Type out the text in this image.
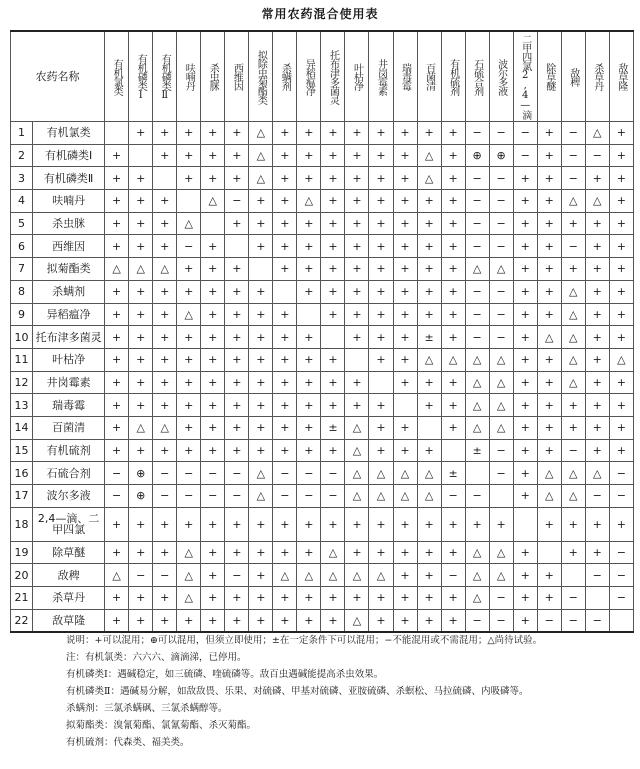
常用农药混合使用表
农药名称		有机氯类	有机磷类Ⅰ	有机磷类Ⅱ	呋喃丹	杀虫脒	西维因	拟除虫菊酯类	杀螨剂	异稻瘟净	托布津多菌灵	叶枯净	井岗霉素	瑞毒霉	百菌清	有机硫剂	石硫合剂	波尔多液	二甲四氯2,4—滴	除草醚	敌稗	杀草丹	敌草隆
1	有机氯类		+	+	+	+	+	△	+	+	+	+	+	+	+	+	−	−	−	+	−	△	+
2	有机磷类Ⅰ	+		+	+	+	+	△	+	+	+	+	+	+	△	+	⊕	⊕	−	+	−	−	+
3	有机磷类Ⅱ	+	+		+	+	+	△	+	+	+	+	+	+	△	+	−	−	+	+	−	+	+
4	呋喃丹	+	+	+		△	−	+	+	△	+	+	+	+	+	+	−	−	+	+	△	△	+
5	杀虫脒	+	+	+	△		+	+	+	+	+	+	+	+	+	+	−	−	+	+	+	+	+
6	西维因	+	+	+	−	+		+	+	+	+	+	+	+	+	+	−	−	+	+	−	+	+
7	拟菊酯类	△	△	△	+	+	+		+	+	+	+	+	+	+	+	△	△	+	+	+	+	+
8	杀螨剂	+	+	+	+	+	+	+		+	+	+	+	+	+	+	−	−	+	+	△	+	+
9	异稻瘟净	+	+	+	△	+	+	+	+		+	+	+	+	+	+	−	−	+	+	△	+	+
10	托布津多菌灵	+	+	+	+	+	+	+	+	+		+	+	+	±	+	−	−	+	△	△	+	+
11	叶枯净	+	+	+	+	+	+	+	+	+	+		+	+	△	△	△	△	+	+	△	+	△
12	井岗霉素	+	+	+	+	+	+	+	+	+	+	+		+	+	+	△	△	+	+	△	+	+
13	瑞毒霉	+	+	+	+	+	+	+	+	+	+	+	+		+	+	△	△	+	+	+	+	+
14	百菌清	+	△	△	+	+	+	+	+	+	±	△	+	+		+	△	△	+	+	+	+	+
15	有机硫剂	+	+	+	+	+	+	+	+	+	+	△	+	+	+		±	−	+	+	−	+	+
16	石硫合剂	−	⊕	−	−	−	−	△	−	−	−	△	△	△	△	±		−	+	△	△	△	−
17	波尔多液	−	⊕	−	−	−	−	△	−	−	−	△	△	△	△	−	−		+	△	△	−	−
18	2,4—滴、二甲四氯	+	+	+	+	+	+	+	+	+	+	+	+	+	+	+	+	+		+	+	+	+
19	除草醚	+	+	+	△	+	+	+	+	+	△	+	+	+	+	+	△	△	+		+	+	−
20	敌稗	△	−	−	△	+	−	+	△	△	△	△	△	+	+	−	△	△	+	+		−	−
21	杀草丹	+	+	+	△	+	+	+	+	+	+	+	+	+	+	+	△	−	+	+	−		−
22	敌草隆	+	+	+	+	+	+	+	+	+	+	△	+	+	+	+	−	−	+	−	−	−	

说明：+可以混用；⊕可以混用，但须立即使用；±在一定条件下可以混用；−不能混用或不需混用；△尚待试验。

注：有机氯类：六六六、滴滴涕，已停用。

有机磷类Ⅰ：遇碱稳定，如三硫磷、喹硫磷等。敌百虫遇碱能提高杀虫效果。

有机磷类Ⅱ：遇碱易分解，如敌敌畏、乐果、对硫磷、甲基对硫磷、亚胺硫磷、杀螟松、马拉硫磷、内吸磷等。

杀螨剂：三氯杀螨砜、三氯杀螨醇等。

拟菊酯类：溴氰菊酯、氯氰菊酯、杀灭菊酯。

有机硫剂：代森类、福美类。
